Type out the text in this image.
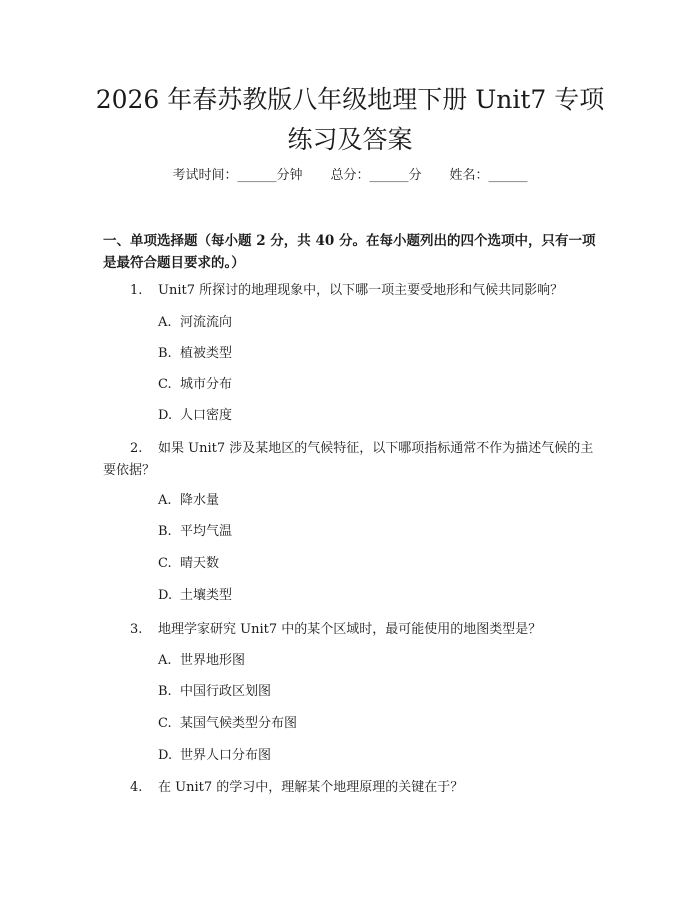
2026 年春苏教版八年级地理下册 Unit7 专项练习及答案
考试时间：______分钟 总分：______分 姓名：______
一、单项选择题（每小题 2 分，共 40 分。在每小题列出的四个选项中，只有一项是最符合题目要求的。）
1. Unit7 所探讨的地理现象中，以下哪一项主要受地形和气候共同影响？
A. 河流流向
B. 植被类型
C. 城市分布
D. 人口密度
2. 如果 Unit7 涉及某地区的气候特征，以下哪项指标通常不作为描述气候的主要依据？
A. 降水量
B. 平均气温
C. 晴天数
D. 土壤类型
3. 地理学家研究 Unit7 中的某个区域时，最可能使用的地图类型是？
A. 世界地形图
B. 中国行政区划图
C. 某国气候类型分布图
D. 世界人口分布图
4. 在 Unit7 的学习中，理解某个地理原理的关键在于？
